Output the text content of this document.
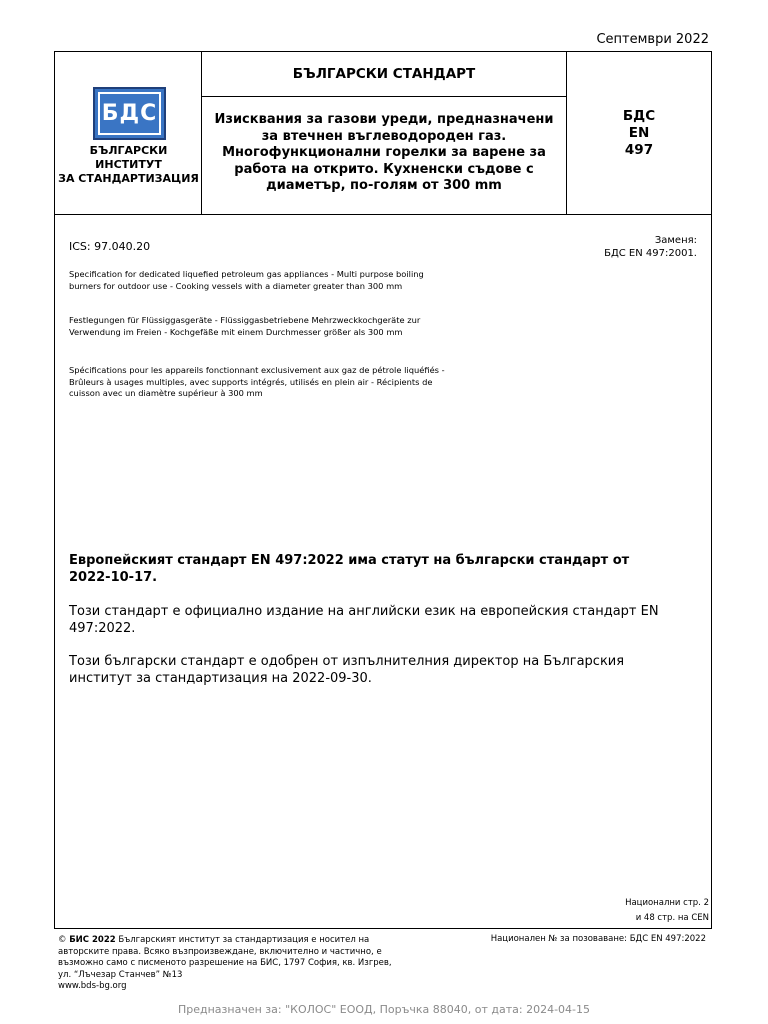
Септември 2022
БДС
БЪЛГАРСКИ ИНСТИТУТ
ЗА СТАНДАРТИЗАЦИЯ
БЪЛГАРСКИ СТАНДАРТ
Изисквания за газови уреди, предназначени за втечнен въглеводороден газ. Многофункционални горелки за варене за работа на открито. Кухненски съдове с диаметър, по-голям от 300 mm
БДС
EN
497
ICS: 97.040.20	Заменя:
БДС EN 497:2001.
Specification for dedicated liquefied petroleum gas appliances - Multi purpose boiling burners for outdoor use - Cooking vessels with a diameter greater than 300 mm
Festlegungen für Flüssiggasgeräte - Flüssiggasbetriebene Mehrzweckkochgeräte zur Verwendung im Freien - Kochgefäße mit einem Durchmesser größer als 300 mm
Spécifications pour les appareils fonctionnant exclusivement aux gaz de pétrole liquéfiés - Brûleurs à usages multiples, avec supports intégrés, utilisés en plein air - Récipients de cuisson avec un diamètre supérieur à 300 mm
Европейският стандарт EN 497:2022 има статут на български стандарт от 2022-10-17.
Този стандарт е официално издание на английски език на европейския стандарт EN 497:2022.
Този български стандарт е одобрен от изпълнителния директор на Българския институт за стандартизация на 2022-09-30.
Национални стр. 2
и 48 стр. на CEN
© БИС 2022 Българският институт за стандартизация е носител на авторските права. Всяко възпроизвеждане, включително и частично, е възможно само с писменото разрешение на БИС, 1797 София, кв. Изгрев, ул. “Лъчезар Станчев” №13
www.bds-bg.org
Национален № за позоваване: БДС EN 497:2022
Предназначен за: "КОЛОС" ЕООД, Поръчка 88040, от дата: 2024-04-15
